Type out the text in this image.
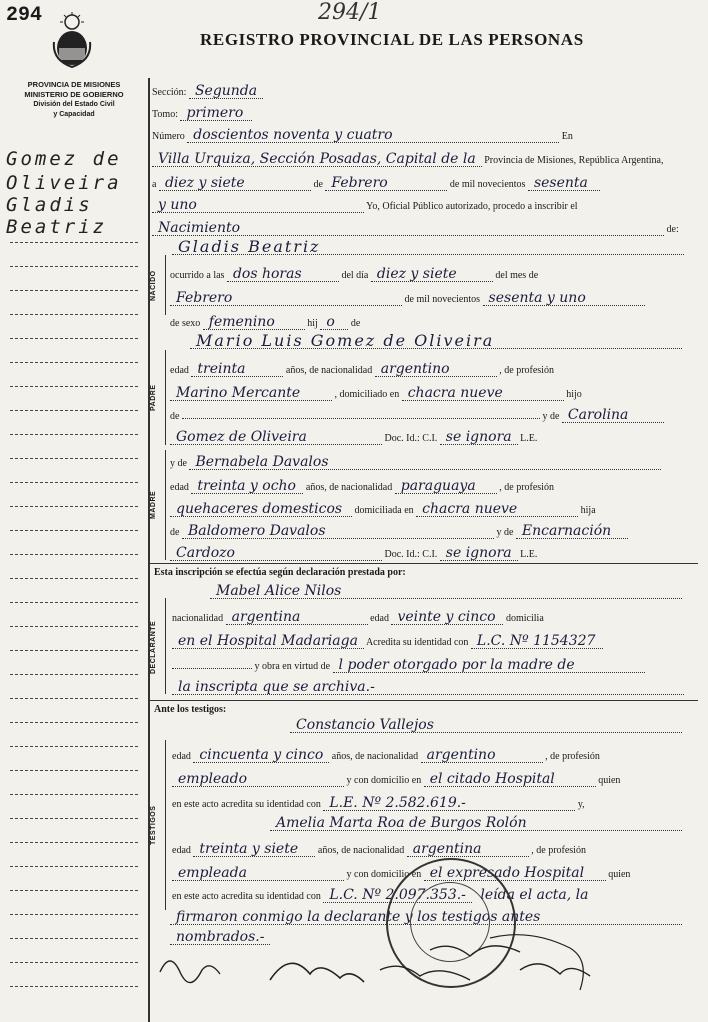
294	294/1
REGISTRO PROVINCIAL DE LAS PERSONAS
PROVINCIA DE MISIONES
MINISTERIO DE GOBIERNO
División del Estado Civil
y Capacidad
Gomez de
Oliveira
Gladis
Beatriz
NACIDO
PADRE
MADRE
DECLARANTE
TESTIGOS
Sección: Segunda
Tomo: primero
Número doscientos noventa y cuatro	En
Villa Urquiza, Sección Posadas, Capital de la Provincia de Misiones, República Argentina,
a diez y siete	de Febrero	de mil novecientos sesenta
y uno	Yo, Oficial Público autorizado, procedo a inscribir el
Nacimiento	de:
Gladis Beatriz
ocurrido a las dos horas	del día diez y siete	del mes de
Febrero	de mil novecientos sesenta y uno
de sexo femenino	hij o de
Mario Luis Gomez de Oliveira
edad treinta	años, de nacionalidad argentino	, de profesión
Marino Mercante	, domiciliado en chacra nueve	hijo
de	y de Carolina
Gomez de Oliveira	Doc. Id.: C.I. se ignora L.E.
y de Bernabela Davalos
edad treinta y ocho años, de nacionalidad paraguaya , de profesión
quehaceres domesticos domiciliada en chacra nueve	hija
de Baldomero Davalos	y de Encarnación
Cardozo	Doc. Id.: C.I. se ignora L.E.
Esta inscripción se efectúa según declaración prestada por:
Mabel Alice Nilos
nacionalidad argentina	edad veinte y cinco domicilia
en el Hospital Madariaga Acredita su identidad con L.C. Nº 1154327
y obra en virtud de l poder otorgado por la madre de
la inscripta que se archiva.-
Ante los testigos:
Constancio Vallejos
edad cincuenta y cinco años, de nacionalidad argentino	, de profesión
empleado	y con domicilio en el citado Hospital	quien
en este acto acredita su identidad con L.E. Nº 2.582.619.-	y,
Amelia Marta Roa de Burgos Rolón
edad treinta y siete años, de nacionalidad argentina	, de profesión
empleada	y con domicilio en el expresado Hospital quien
en este acto acredita su identidad con L.C. Nº 2.097.353.- leída el acta, la
firmaron conmigo la declarante y los testigos antes
nombrados.-
